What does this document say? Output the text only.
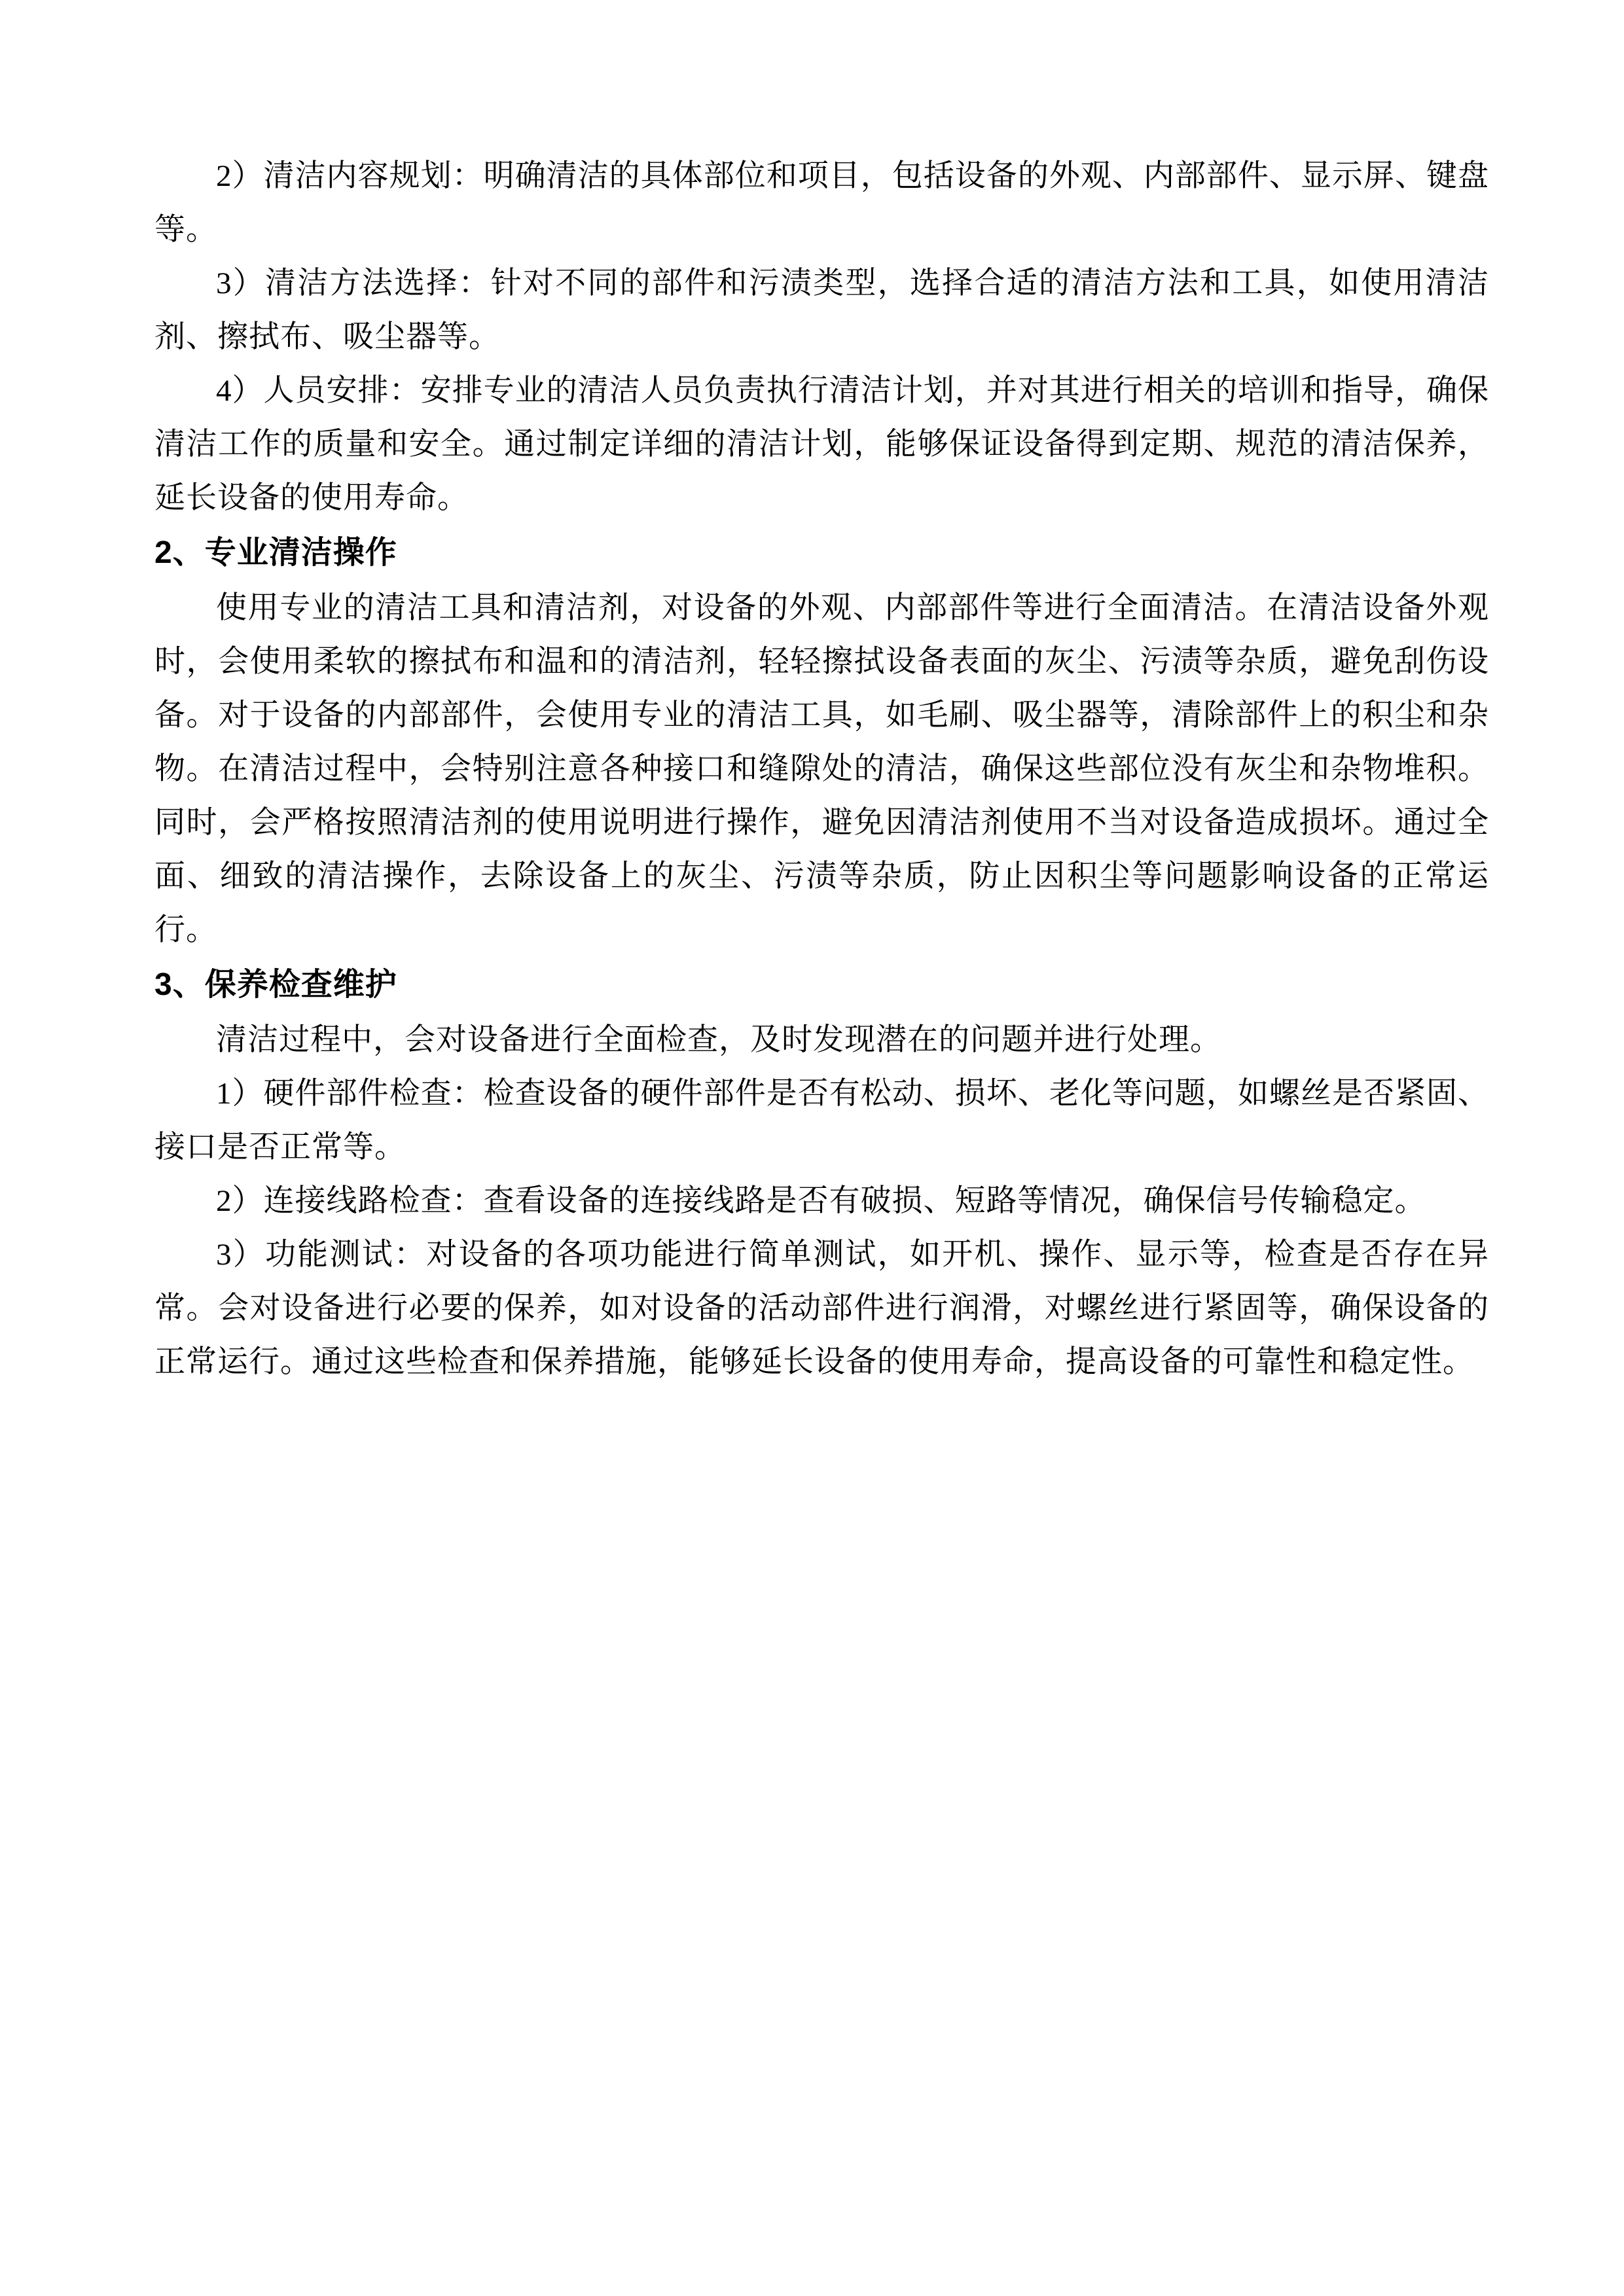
2）清洁内容规划：明确清洁的具体部位和项目，包括设备的外观、内部部件、显示屏、键盘等。

3）清洁方法选择：针对不同的部件和污渍类型，选择合适的清洁方法和工具，如使用清洁剂、擦拭布、吸尘器等。

4）人员安排：安排专业的清洁人员负责执行清洁计划，并对其进行相关的培训和指导，确保清洁工作的质量和安全。通过制定详细的清洁计划，能够保证设备得到定期、规范的清洁保养，延长设备的使用寿命。

2、专业清洁操作

使用专业的清洁工具和清洁剂，对设备的外观、内部部件等进行全面清洁。在清洁设备外观时，会使用柔软的擦拭布和温和的清洁剂，轻轻擦拭设备表面的灰尘、污渍等杂质，避免刮伤设备。对于设备的内部部件，会使用专业的清洁工具，如毛刷、吸尘器等，清除部件上的积尘和杂物。在清洁过程中，会特别注意各种接口和缝隙处的清洁，确保这些部位没有灰尘和杂物堆积。同时，会严格按照清洁剂的使用说明进行操作，避免因清洁剂使用不当对设备造成损坏。通过全面、细致的清洁操作，去除设备上的灰尘、污渍等杂质，防止因积尘等问题影响设备的正常运行。

3、保养检查维护

清洁过程中，会对设备进行全面检查，及时发现潜在的问题并进行处理。

1）硬件部件检查：检查设备的硬件部件是否有松动、损坏、老化等问题，如螺丝是否紧固、接口是否正常等。

2）连接线路检查：查看设备的连接线路是否有破损、短路等情况，确保信号传输稳定。

3）功能测试：对设备的各项功能进行简单测试，如开机、操作、显示等，检查是否存在异常。会对设备进行必要的保养，如对设备的活动部件进行润滑，对螺丝进行紧固等，确保设备的正常运行。通过这些检查和保养措施，能够延长设备的使用寿命，提高设备的可靠性和稳定性。
